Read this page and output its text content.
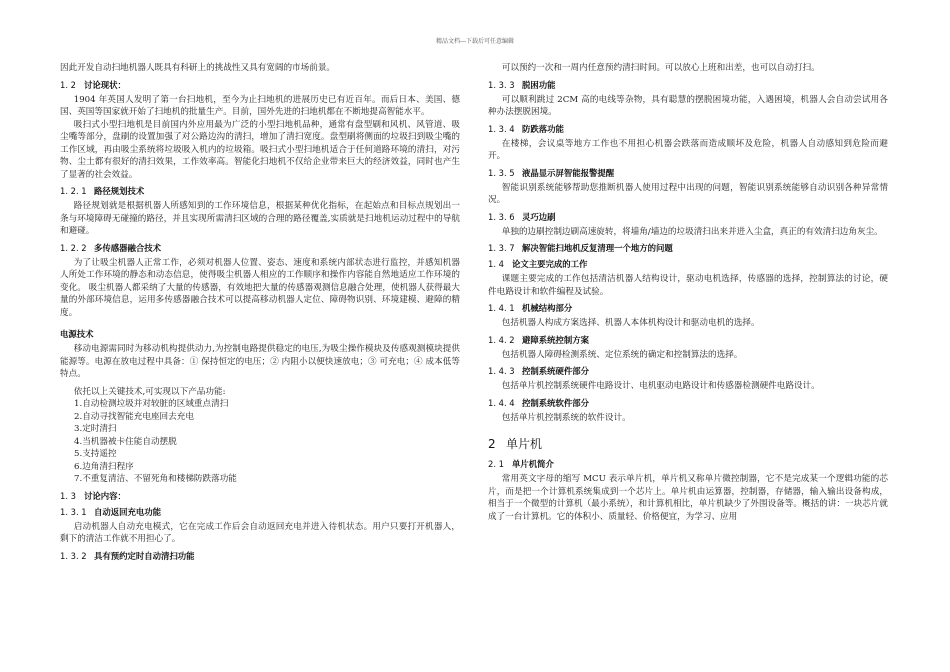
精品文档---下载后可任意编辑

因此开发自动扫地机器人既具有科研上的挑战性又具有宽阔的市场前景。

1. 2 讨论现状：

1904 年英国人发明了第一台扫地机，至今为止扫地机的进展历史已有近百年。而后日本、美国、德国、英国等国家就开始了扫地机的批量生产。目前，国外先进的扫地机都在不断地提高智能水平。

吸扫式小型扫地机是目前国内外应用最为广泛的小型扫地机品种，通常有盘型刷和风机、风管道、吸尘嘴等部分，盘刷的设置加强了对公路边沟的清扫，增加了清扫宽度。盘型刷将侧面的垃圾扫到吸尘嘴的工作区域，再由吸尘系统将垃圾吸入机内的垃圾箱。吸扫式小型扫地机适合于任何道路环境的清扫，对污物、尘土都有很好的清扫效果，工作效率高。智能化扫地机不仅给企业带来巨大的经济效益，同时也产生了显著的社会效益。

1. 2. 1 路径规划技术

路径规划就是根据机器人所感知到的工作环境信息，根据某种优化指标，在起始点和目标点规划出一条与环境障碍无碰撞的路径，并且实现所需清扫区域的合理的路径覆盖,实质就是扫地机运动过程中的导航和避碰。

1. 2. 2 多传感器融合技术

为了让吸尘机器人正常工作，必须对机器人位置、姿态、速度和系统内部状态进行监控，并感知机器人所处工作环境的静态和动态信息，使得吸尘机器人相应的工作顺序和操作内容能自然地适应工作环境的变化。 吸尘机器人都采纳了大量的传感器，有效地把大量的传感器观测信息融合处理，使机器人获得最大量的外部环境信息，运用多传感器融合技术可以提高移动机器人定位、障碍物识别、环境建模、避障的精度。

电源技术

移动电源需同时为移动机构提供动力,为控制电路提供稳定的电压,为吸尘操作模块及传感观测模块提供能源等。电源在放电过程中具备：① 保持恒定的电压；② 内阻小以便快速放电；③ 可充电；④ 成本低等特点。

依托以上关键技术,可实现以下产品功能:

1.自动检测垃圾并对较脏的区域重点清扫
2.自动寻找智能充电座回去充电
3.定时清扫
4.当机器被卡住能自动摆脱
5.支持遥控
6.边角清扫程序
7.不重复清洁、不留死角和楼梯防跌落功能
1. 3 讨论内容：
1. 3. 1 自动返回充电功能

启动机器人自动充电模式，它在完成工作后会自动返回充电并进入待机状态。用户只要打开机器人，剩下的清洁工作就不用担心了。

1. 3. 2 具有预约定时自动清扫功能

可以预约一次和一周内任意预约清扫时间。可以放心上班和出差，也可以自动打扫。

1. 3. 3 脱困功能

可以顺利跳过 2CM 高的电线等杂物，具有聪慧的摆脱困境功能，入遇困境，机器人会自动尝试用各种办法摆脱困境。

1. 3. 4 防跌落功能

在楼梯，会议桌等地方工作也不用担心机器会跌落而造成顺坏及危险，机器人自动感知到危险而避开。

1. 3. 5 液晶显示屏智能报警提醒

智能识别系统能够帮助您推断机器人使用过程中出现的问题，智能识别系统能够自动识别各种异常情况。

1. 3. 6 灵巧边刷

单独的边刷控制边刷高速旋转，将墙角/墙边的垃圾清扫出来并进入尘盒，真正的有效清扫边角灰尘。

1. 3. 7 解决智能扫地机反复清理一个地方的问题
1. 4 论文主要完成的工作

课题主要完成的工作包括清洁机器人结构设计，驱动电机选择，传感器的选择，控制算法的讨论，硬件电路设计和软件编程及试验。

1. 4. 1 机械结构部分

包括机器人构成方案选择、机器人本体机构设计和驱动电机的选择。

1. 4. 2 避障系统控制方案

包括机器人障碍检测系统、定位系统的确定和控制算法的选择。

1. 4. 3 控制系统硬件部分

包括单片机控制系统硬件电路设计、电机驱动电路设计和传感器检测硬件电路设计。

1. 4. 4 控制系统软件部分

包括单片机控制系统的软件设计。

2 单片机
2. 1 单片机简介

常用英文字母的缩写 MCU 表示单片机，单片机又称单片微控制器，它不是完成某一个逻辑功能的芯片，而是把一个计算机系统集成到一个芯片上。单片机由运算器，控制器，存储器，输入输出设备构成，相当于一个微型的计算机（最小系统），和计算机相比，单片机缺少了外围设备等。概括的讲：一块芯片就成了一台计算机。它的体积小、质量轻、价格便宜，为学习、应用
